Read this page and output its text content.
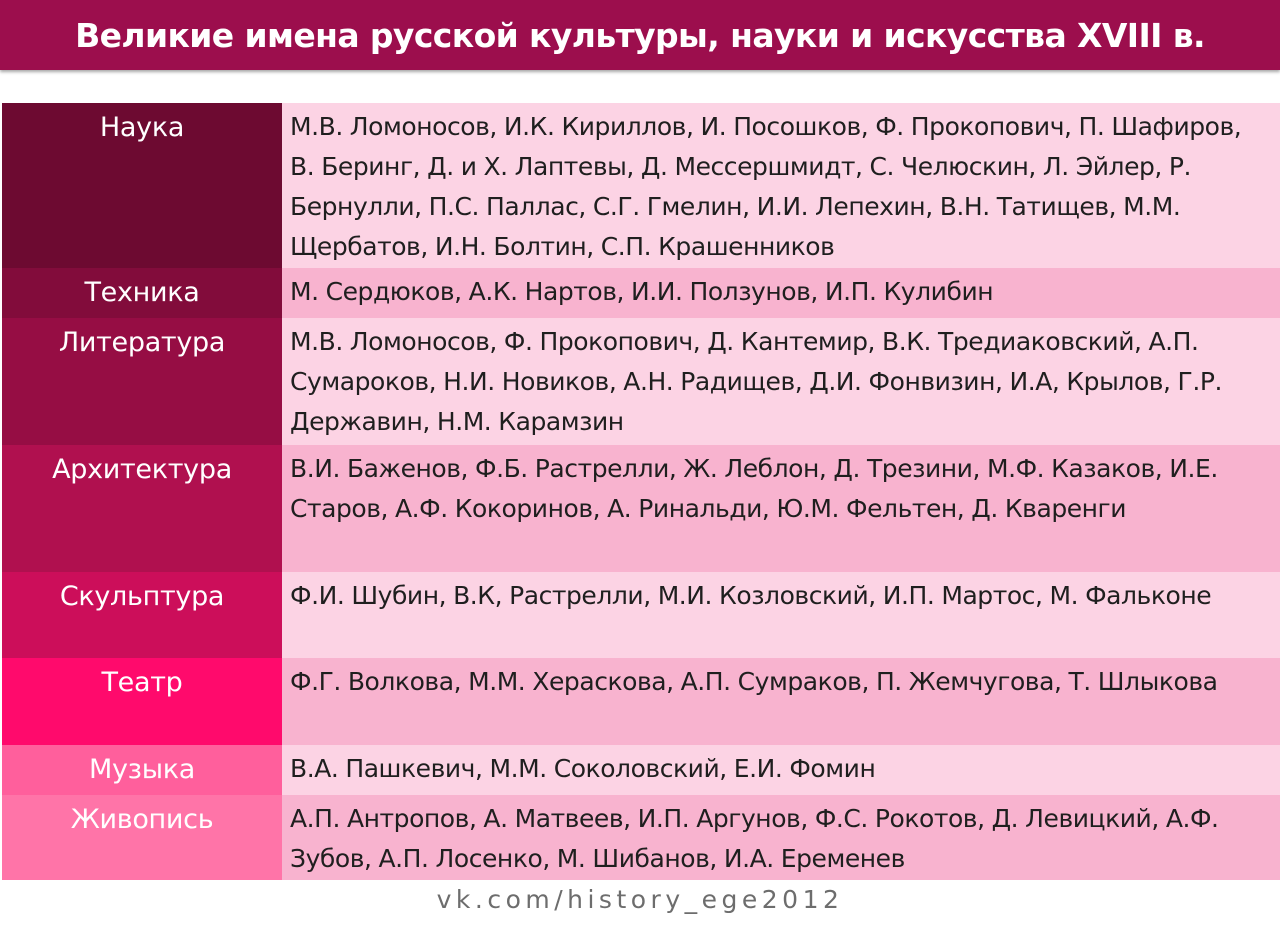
Великие имена русской культуры, науки и искусства XVIII в.
Наука	М.В. Ломоносов, И.К. Кириллов, И. Посошков, Ф. Прокопович, П. Шафиров, В. Беринг, Д. и Х. Лаптевы, Д. Мессершмидт, С. Челюскин, Л. Эйлер, Р. Бернулли, П.С. Паллас, С.Г. Гмелин, И.И. Лепехин, В.Н. Татищев, М.М. Щербатов, И.Н. Болтин, С.П. Крашенников
Техника	М. Сердюков, А.К. Нартов, И.И. Ползунов, И.П. Кулибин
Литература	М.В. Ломоносов, Ф. Прокопович, Д. Кантемир, В.К. Тредиаковский, А.П. Сумароков, Н.И. Новиков, А.Н. Радищев, Д.И. Фонвизин, И.А, Крылов, Г.Р. Державин, Н.М. Карамзин
Архитектура	В.И. Баженов, Ф.Б. Растрелли, Ж. Леблон, Д. Трезини, М.Ф. Казаков, И.Е. Старов, А.Ф. Кокоринов, А. Ринальди, Ю.М. Фельтен, Д. Кваренги
Скульптура	Ф.И. Шубин, В.К, Растрелли, М.И. Козловский, И.П. Мартос, М. Фальконе
Театр	Ф.Г. Волкова, М.М. Хераскова, А.П. Сумраков, П. Жемчугова, Т. Шлыкова
Музыка	В.А. Пашкевич, М.М. Соколовский, Е.И. Фомин
Живопись	А.П. Антропов, А. Матвеев, И.П. Аргунов, Ф.С. Рокотов, Д. Левицкий, А.Ф. Зубов, А.П. Лосенко, М. Шибанов, И.А. Еременев
vk.com/history_ege2012
